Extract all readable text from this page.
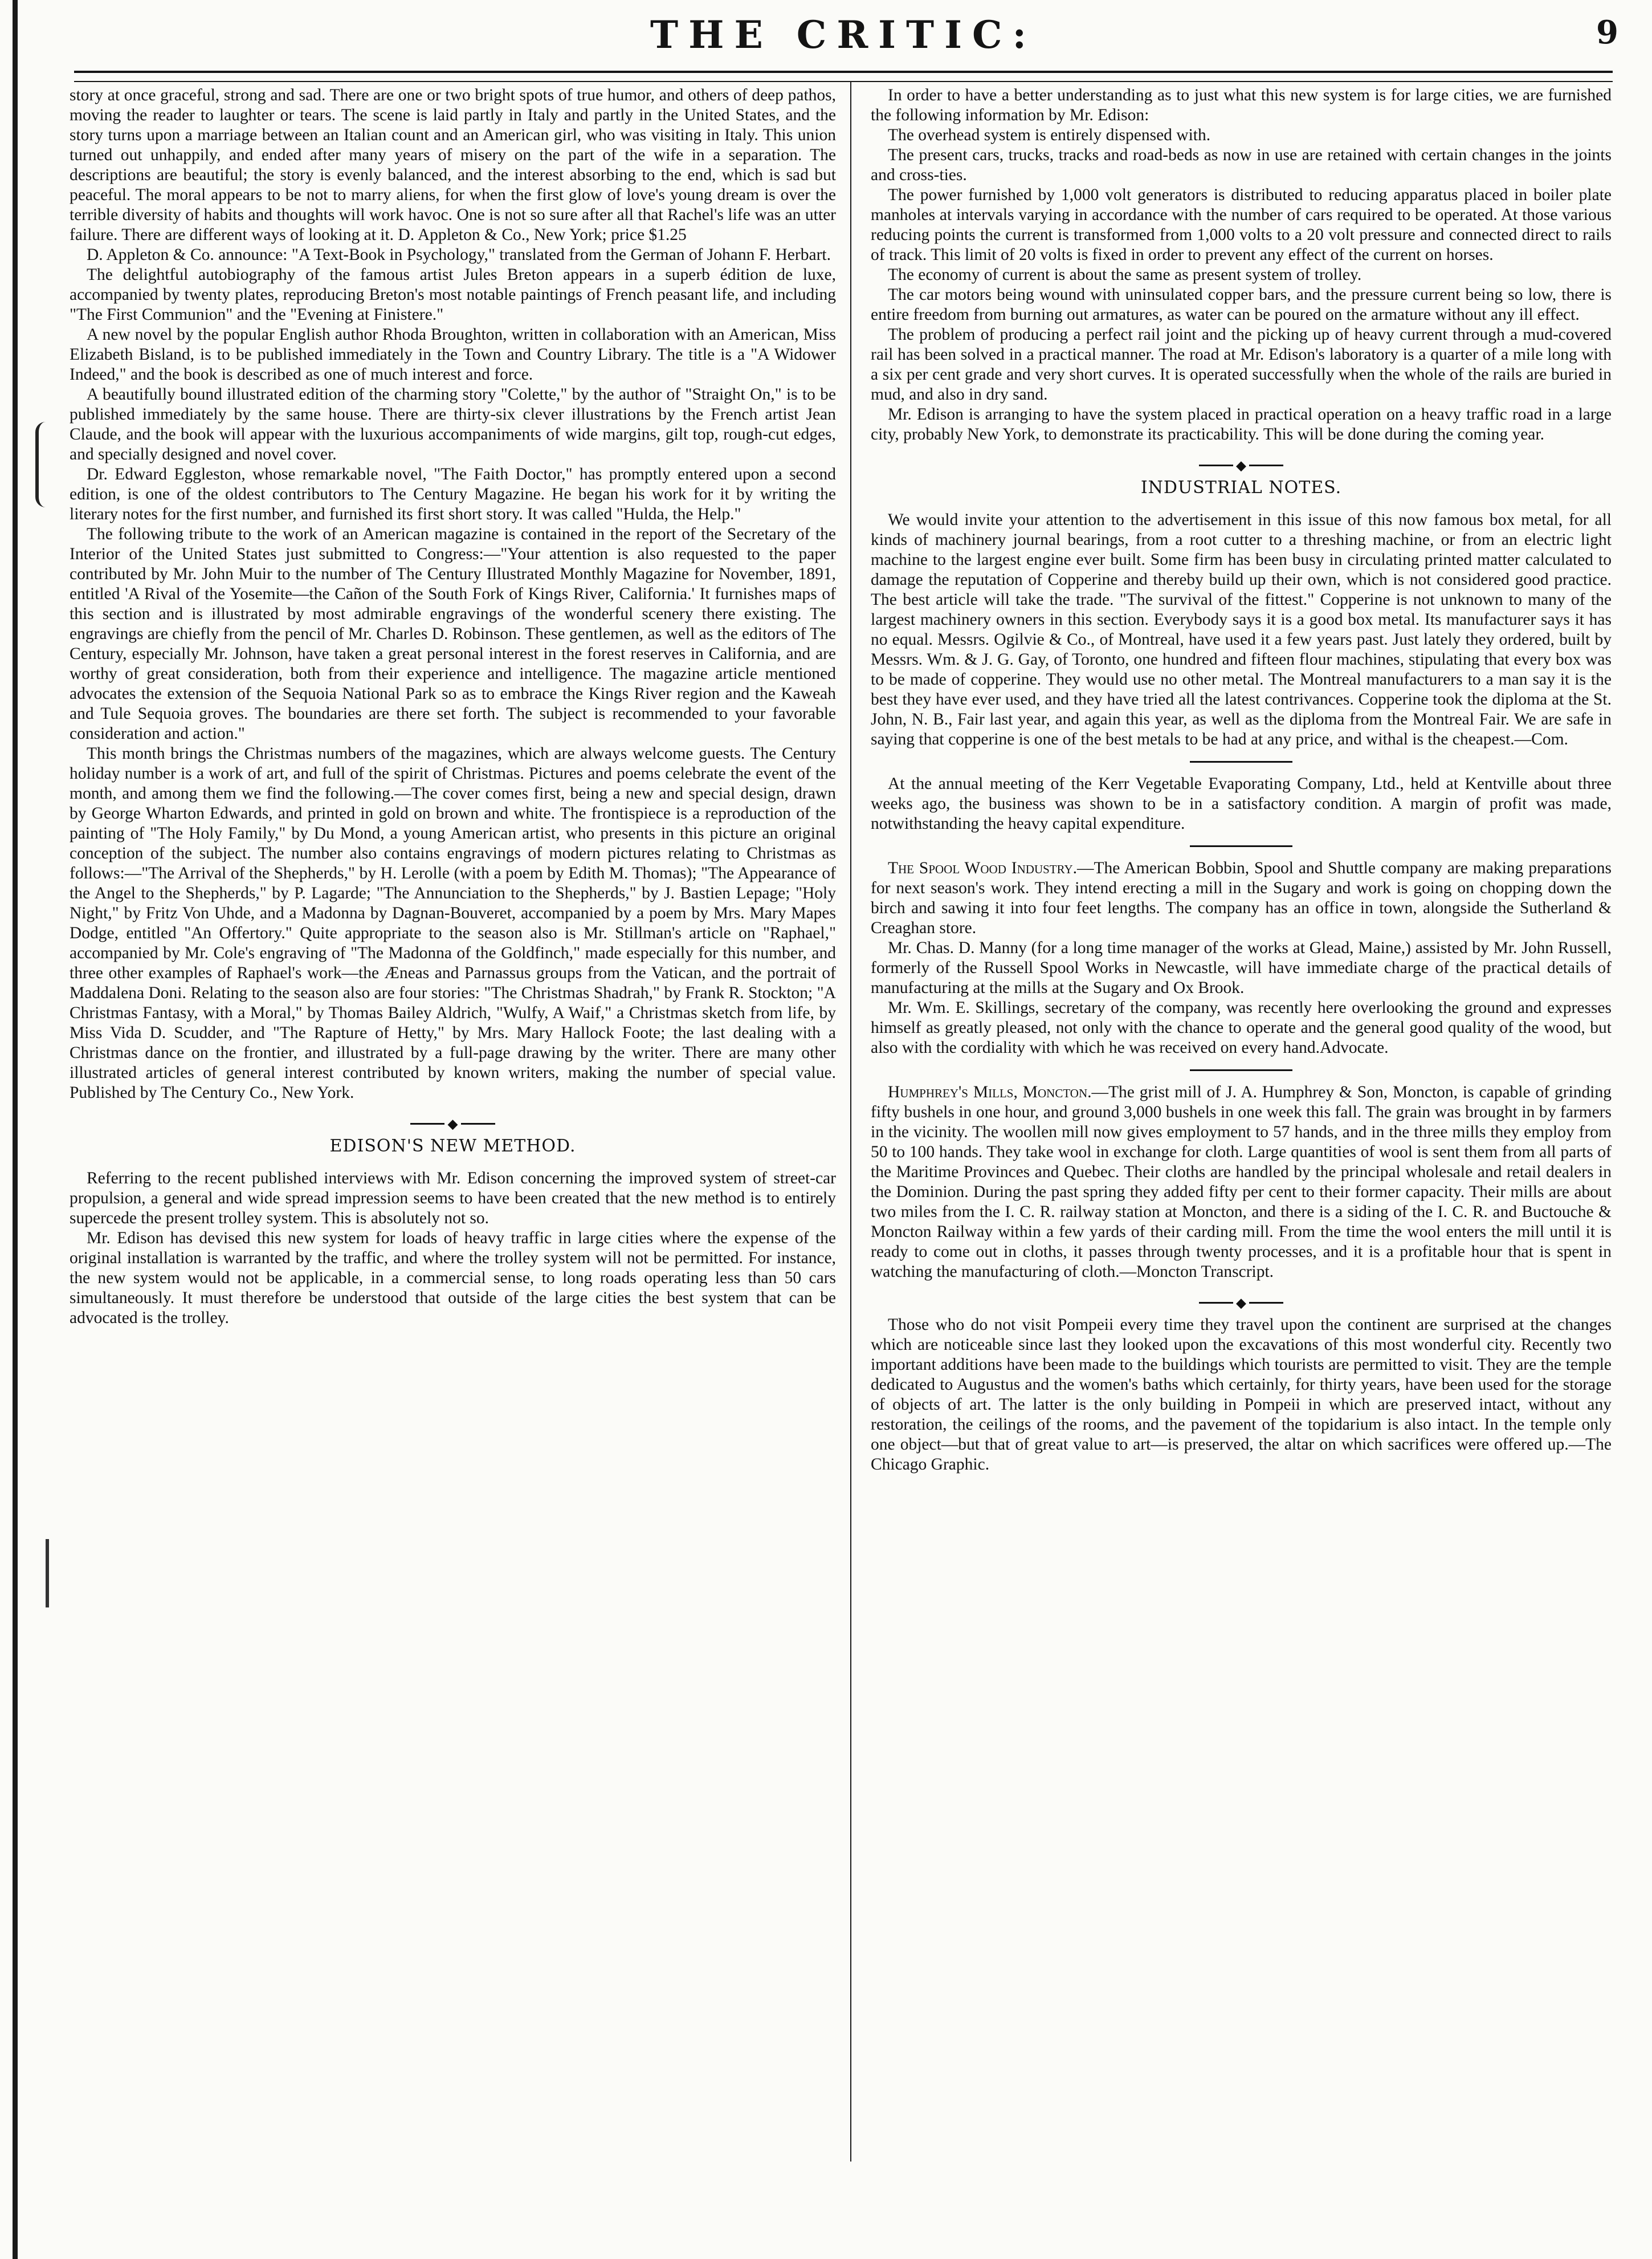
THE CRITIC:	9

story at once graceful, strong and sad. There are one or two bright spots of true humor, and others of deep pathos, moving the reader to laughter or tears. The scene is laid partly in Italy and partly in the United States, and the story turns upon a marriage between an Italian count and an American girl, who was visiting in Italy. This union turned out unhappily, and ended after many years of misery on the part of the wife in a separation. The descriptions are beautiful; the story is evenly balanced, and the interest absorbing to the end, which is sad but peaceful. The moral appears to be not to marry aliens, for when the first glow of love's young dream is over the terrible diversity of habits and thoughts will work havoc. One is not so sure after all that Rachel's life was an utter failure. There are different ways of looking at it. D. Appleton & Co., New York; price $1.25

D. Appleton & Co. announce: "A Text-Book in Psychology," translated from the German of Johann F. Herbart.

The delightful autobiography of the famous artist Jules Breton appears in a superb édition de luxe, accompanied by twenty plates, reproducing Breton's most notable paintings of French peasant life, and including "The First Communion" and the "Evening at Finistere."

A new novel by the popular English author Rhoda Broughton, written in collaboration with an American, Miss Elizabeth Bisland, is to be published immediately in the Town and Country Library. The title is a "A Widower Indeed," and the book is described as one of much interest and force.

A beautifully bound illustrated edition of the charming story "Colette," by the author of "Straight On," is to be published immediately by the same house. There are thirty-six clever illustrations by the French artist Jean Claude, and the book will appear with the luxurious accompaniments of wide margins, gilt top, rough-cut edges, and specially designed and novel cover.

Dr. Edward Eggleston, whose remarkable novel, "The Faith Doctor," has promptly entered upon a second edition, is one of the oldest contributors to The Century Magazine. He began his work for it by writing the literary notes for the first number, and furnished its first short story. It was called "Hulda, the Help."

The following tribute to the work of an American magazine is contained in the report of the Secretary of the Interior of the United States just submitted to Congress:—"Your attention is also requested to the paper contributed by Mr. John Muir to the number of The Century Illustrated Monthly Magazine for November, 1891, entitled 'A Rival of the Yosemite—the Cañon of the South Fork of Kings River, California.' It furnishes maps of this section and is illustrated by most admirable engravings of the wonderful scenery there existing. The engravings are chiefly from the pencil of Mr. Charles D. Robinson. These gentlemen, as well as the editors of The Century, especially Mr. Johnson, have taken a great personal interest in the forest reserves in California, and are worthy of great consideration, both from their experience and intelligence. The magazine article mentioned advocates the extension of the Sequoia National Park so as to embrace the Kings River region and the Kaweah and Tule Sequoia groves. The boundaries are there set forth. The subject is recommended to your favorable consideration and action."

This month brings the Christmas numbers of the magazines, which are always welcome guests. The Century holiday number is a work of art, and full of the spirit of Christmas. Pictures and poems celebrate the event of the month, and among them we find the following.—The cover comes first, being a new and special design, drawn by George Wharton Edwards, and printed in gold on brown and white. The frontispiece is a reproduction of the painting of "The Holy Family," by Du Mond, a young American artist, who presents in this picture an original conception of the subject. The number also contains engravings of modern pictures relating to Christmas as follows:—"The Arrival of the Shepherds," by H. Lerolle (with a poem by Edith M. Thomas); "The Appearance of the Angel to the Shepherds," by P. Lagarde; "The Annunciation to the Shepherds," by J. Bastien Lepage; "Holy Night," by Fritz Von Uhde, and a Madonna by Dagnan-Bouveret, accompanied by a poem by Mrs. Mary Mapes Dodge, entitled "An Offertory." Quite appropriate to the season also is Mr. Stillman's article on "Raphael," accompanied by Mr. Cole's engraving of "The Madonna of the Goldfinch," made especially for this number, and three other examples of Raphael's work—the Æneas and Parnassus groups from the Vatican, and the portrait of Maddalena Doni. Relating to the season also are four stories: "The Christmas Shadrah," by Frank R. Stockton; "A Christmas Fantasy, with a Moral," by Thomas Bailey Aldrich, "Wulfy, A Waif," a Christmas sketch from life, by Miss Vida D. Scudder, and "The Rapture of Hetty," by Mrs. Mary Hallock Foote; the last dealing with a Christmas dance on the frontier, and illustrated by a full-page drawing by the writer. There are many other illustrated articles of general interest contributed by known writers, making the number of special value. Published by The Century Co., New York.

◆
EDISON'S NEW METHOD.

Referring to the recent published interviews with Mr. Edison concerning the improved system of street-car propulsion, a general and wide spread impression seems to have been created that the new method is to entirely supercede the present trolley system. This is absolutely not so.

Mr. Edison has devised this new system for loads of heavy traffic in large cities where the expense of the original installation is warranted by the traffic, and where the trolley system will not be permitted. For instance, the new system would not be applicable, in a commercial sense, to long roads operating less than 50 cars simultaneously. It must therefore be understood that outside of the large cities the best system that can be advocated is the trolley.

In order to have a better understanding as to just what this new system is for large cities, we are furnished the following information by Mr. Edison:

The overhead system is entirely dispensed with.

The present cars, trucks, tracks and road-beds as now in use are retained with certain changes in the joints and cross-ties.

The power furnished by 1,000 volt generators is distributed to reducing apparatus placed in boiler plate manholes at intervals varying in accordance with the number of cars required to be operated. At those various reducing points the current is transformed from 1,000 volts to a 20 volt pressure and connected direct to rails of track. This limit of 20 volts is fixed in order to prevent any effect of the current on horses.

The economy of current is about the same as present system of trolley.

The car motors being wound with uninsulated copper bars, and the pressure current being so low, there is entire freedom from burning out armatures, as water can be poured on the armature without any ill effect.

The problem of producing a perfect rail joint and the picking up of heavy current through a mud-covered rail has been solved in a practical manner. The road at Mr. Edison's laboratory is a quarter of a mile long with a six per cent grade and very short curves. It is operated successfully when the whole of the rails are buried in mud, and also in dry sand.

Mr. Edison is arranging to have the system placed in practical operation on a heavy traffic road in a large city, probably New York, to demonstrate its practicability. This will be done during the coming year.

◆
INDUSTRIAL NOTES.

We would invite your attention to the advertisement in this issue of this now famous box metal, for all kinds of machinery journal bearings, from a root cutter to a threshing machine, or from an electric light machine to the largest engine ever built. Some firm has been busy in circulating printed matter calculated to damage the reputation of Copperine and thereby build up their own, which is not considered good practice. The best article will take the trade. "The survival of the fittest." Copperine is not unknown to many of the largest machinery owners in this section. Everybody says it is a good box metal. Its manufacturer says it has no equal. Messrs. Ogilvie & Co., of Montreal, have used it a few years past. Just lately they ordered, built by Messrs. Wm. & J. G. Gay, of Toronto, one hundred and fifteen flour machines, stipulating that every box was to be made of copperine. They would use no other metal. The Montreal manufacturers to a man say it is the best they have ever used, and they have tried all the latest contrivances. Copperine took the diploma at the St. John, N. B., Fair last year, and again this year, as well as the diploma from the Montreal Fair. We are safe in saying that copperine is one of the best metals to be had at any price, and withal is the cheapest.—Com.

At the annual meeting of the Kerr Vegetable Evaporating Company, Ltd., held at Kentville about three weeks ago, the business was shown to be in a satisfactory condition. A margin of profit was made, notwithstanding the heavy capital expenditure.

The Spool Wood Industry.—The American Bobbin, Spool and Shuttle company are making preparations for next season's work. They intend erecting a mill in the Sugary and work is going on chopping down the birch and sawing it into four feet lengths. The company has an office in town, alongside the Sutherland & Creaghan store.

Mr. Chas. D. Manny (for a long time manager of the works at Glead, Maine,) assisted by Mr. John Russell, formerly of the Russell Spool Works in Newcastle, will have immediate charge of the practical details of manufacturing at the mills at the Sugary and Ox Brook.

Mr. Wm. E. Skillings, secretary of the company, was recently here overlooking the ground and expresses himself as greatly pleased, not only with the chance to operate and the general good quality of the wood, but also with the cordiality with which he was received on every hand.Advocate.

Humphrey's Mills, Moncton.—The grist mill of J. A. Humphrey & Son, Moncton, is capable of grinding fifty bushels in one hour, and ground 3,000 bushels in one week this fall. The grain was brought in by farmers in the vicinity. The woollen mill now gives employment to 57 hands, and in the three mills they employ from 50 to 100 hands. They take wool in exchange for cloth. Large quantities of wool is sent them from all parts of the Maritime Provinces and Quebec. Their cloths are handled by the principal wholesale and retail dealers in the Dominion. During the past spring they added fifty per cent to their former capacity. Their mills are about two miles from the I. C. R. railway station at Moncton, and there is a siding of the I. C. R. and Buctouche & Moncton Railway within a few yards of their carding mill. From the time the wool enters the mill until it is ready to come out in cloths, it passes through twenty processes, and it is a profitable hour that is spent in watching the manufacturing of cloth.—Moncton Transcript.

◆

Those who do not visit Pompeii every time they travel upon the continent are surprised at the changes which are noticeable since last they looked upon the excavations of this most wonderful city. Recently two important additions have been made to the buildings which tourists are permitted to visit. They are the temple dedicated to Augustus and the women's baths which certainly, for thirty years, have been used for the storage of objects of art. The latter is the only building in Pompeii in which are preserved intact, without any restoration, the ceilings of the rooms, and the pavement of the topidarium is also intact. In the temple only one object—but that of great value to art—is preserved, the altar on which sacrifices were offered up.—The Chicago Graphic.
